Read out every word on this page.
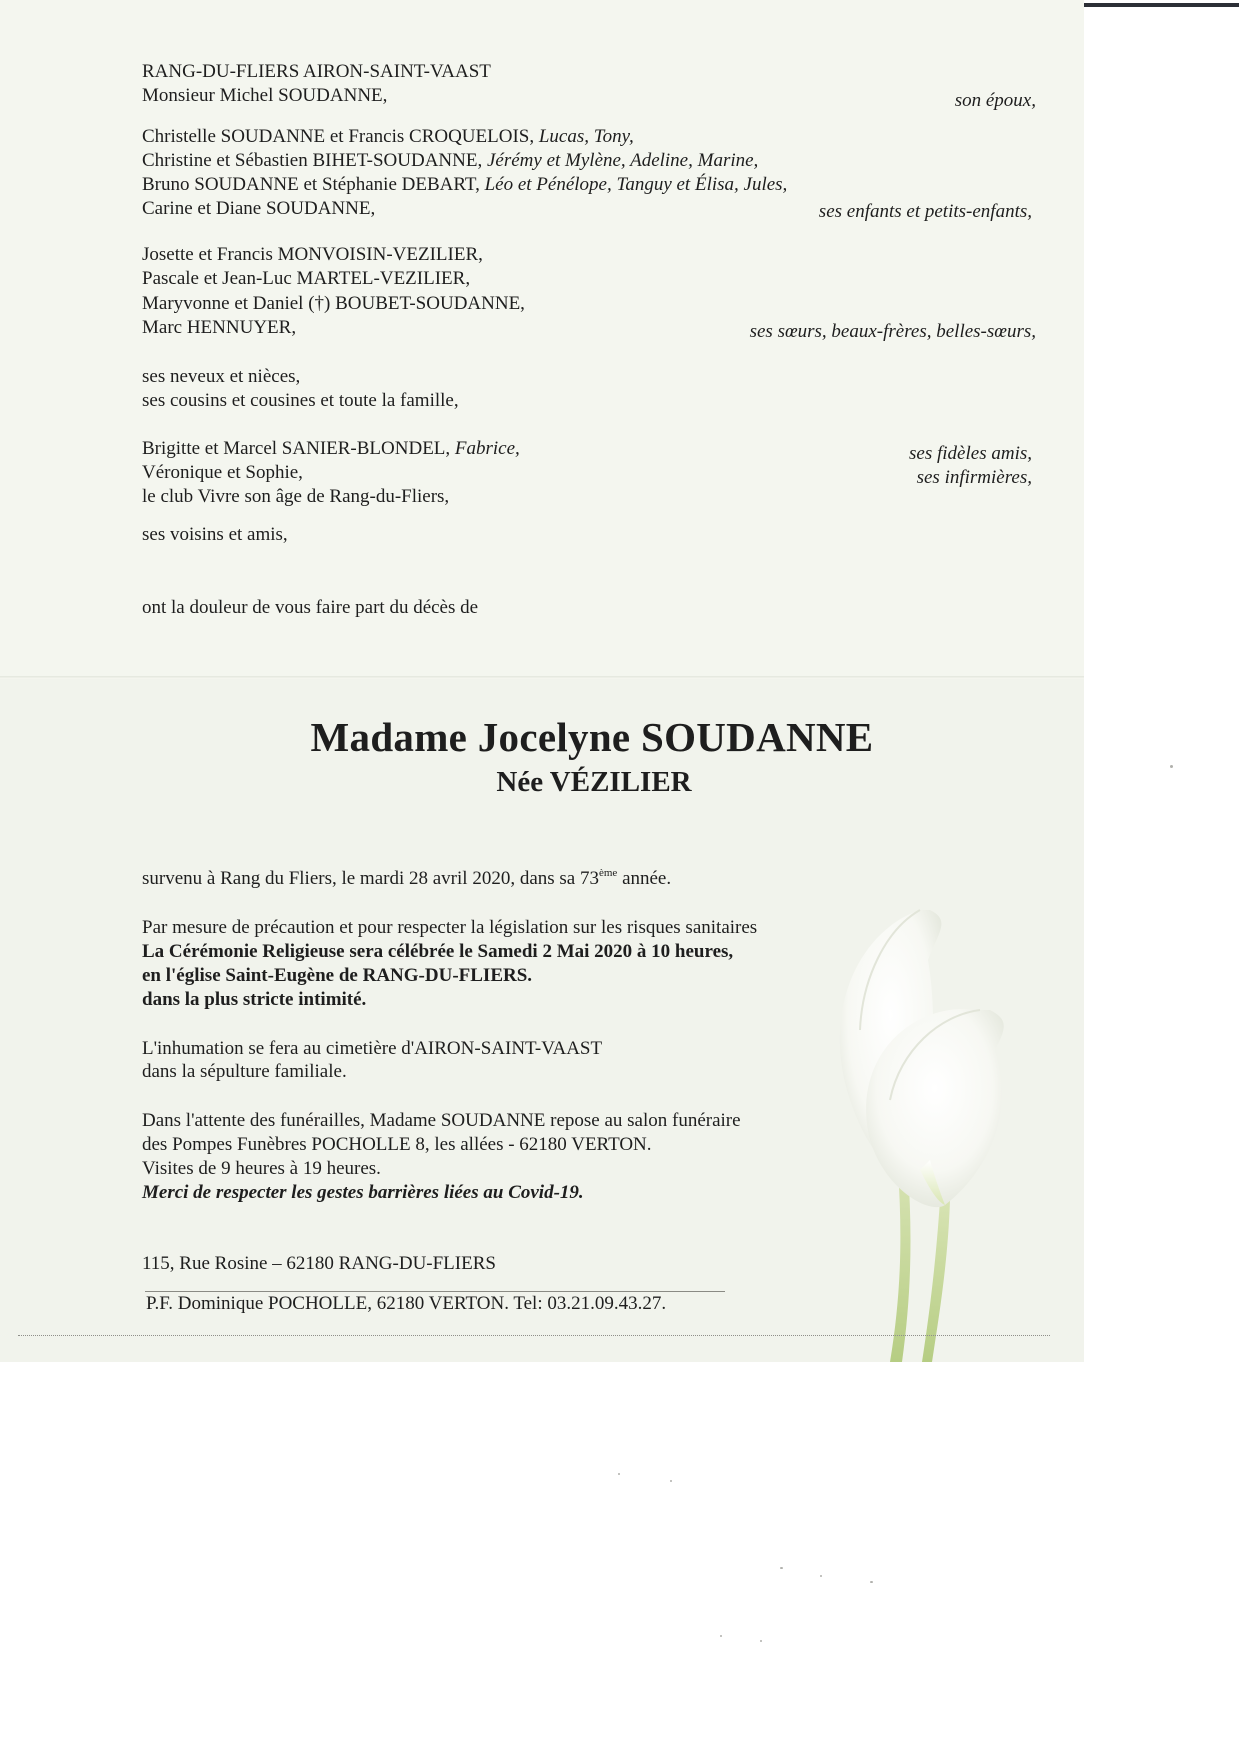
RANG-DU-FLIERS AIRON-SAINT-VAAST
Monsieur Michel SOUDANNE,	son époux,
Christelle SOUDANNE et Francis CROQUELOIS, Lucas, Tony,
Christine et Sébastien BIHET-SOUDANNE, Jérémy et Mylène, Adeline, Marine,
Bruno SOUDANNE et Stéphanie DEBART, Léo et Pénélope, Tanguy et Élisa, Jules,
Carine et Diane SOUDANNE,	ses enfants et petits-enfants,
Josette et Francis MONVOISIN-VEZILIER,
Pascale et Jean-Luc MARTEL-VEZILIER,
Maryvonne et Daniel (†) BOUBET-SOUDANNE,
Marc HENNUYER,	ses sœurs, beaux-frères, belles-sœurs,
ses neveux et nièces,
ses cousins et cousines et toute la famille,
Brigitte et Marcel SANIER-BLONDEL, Fabrice,
Véronique et Sophie,
le club Vivre son âge de Rang-du-Fliers,
ses fidèles amis,
ses infirmières,
ses voisins et amis,
ont la douleur de vous faire part du décès de
Madame Jocelyne SOUDANNE
Née VÉZILIER
survenu à Rang du Fliers, le mardi 28 avril 2020, dans sa 73ème année.
Par mesure de précaution et pour respecter la législation sur les risques sanitaires
La Cérémonie Religieuse sera célébrée le Samedi 2 Mai 2020 à 10 heures,
en l'église Saint-Eugène de RANG-DU-FLIERS.
dans la plus stricte intimité.
L'inhumation se fera au cimetière d'AIRON-SAINT-VAAST
dans la sépulture familiale.
Dans l'attente des funérailles, Madame SOUDANNE repose au salon funéraire
des Pompes Funèbres POCHOLLE 8, les allées - 62180 VERTON.
Visites de 9 heures à 19 heures.
Merci de respecter les gestes barrières liées au Covid-19.
115, Rue Rosine – 62180 RANG-DU-FLIERS
P.F. Dominique POCHOLLE, 62180 VERTON. Tel: 03.21.09.43.27.
